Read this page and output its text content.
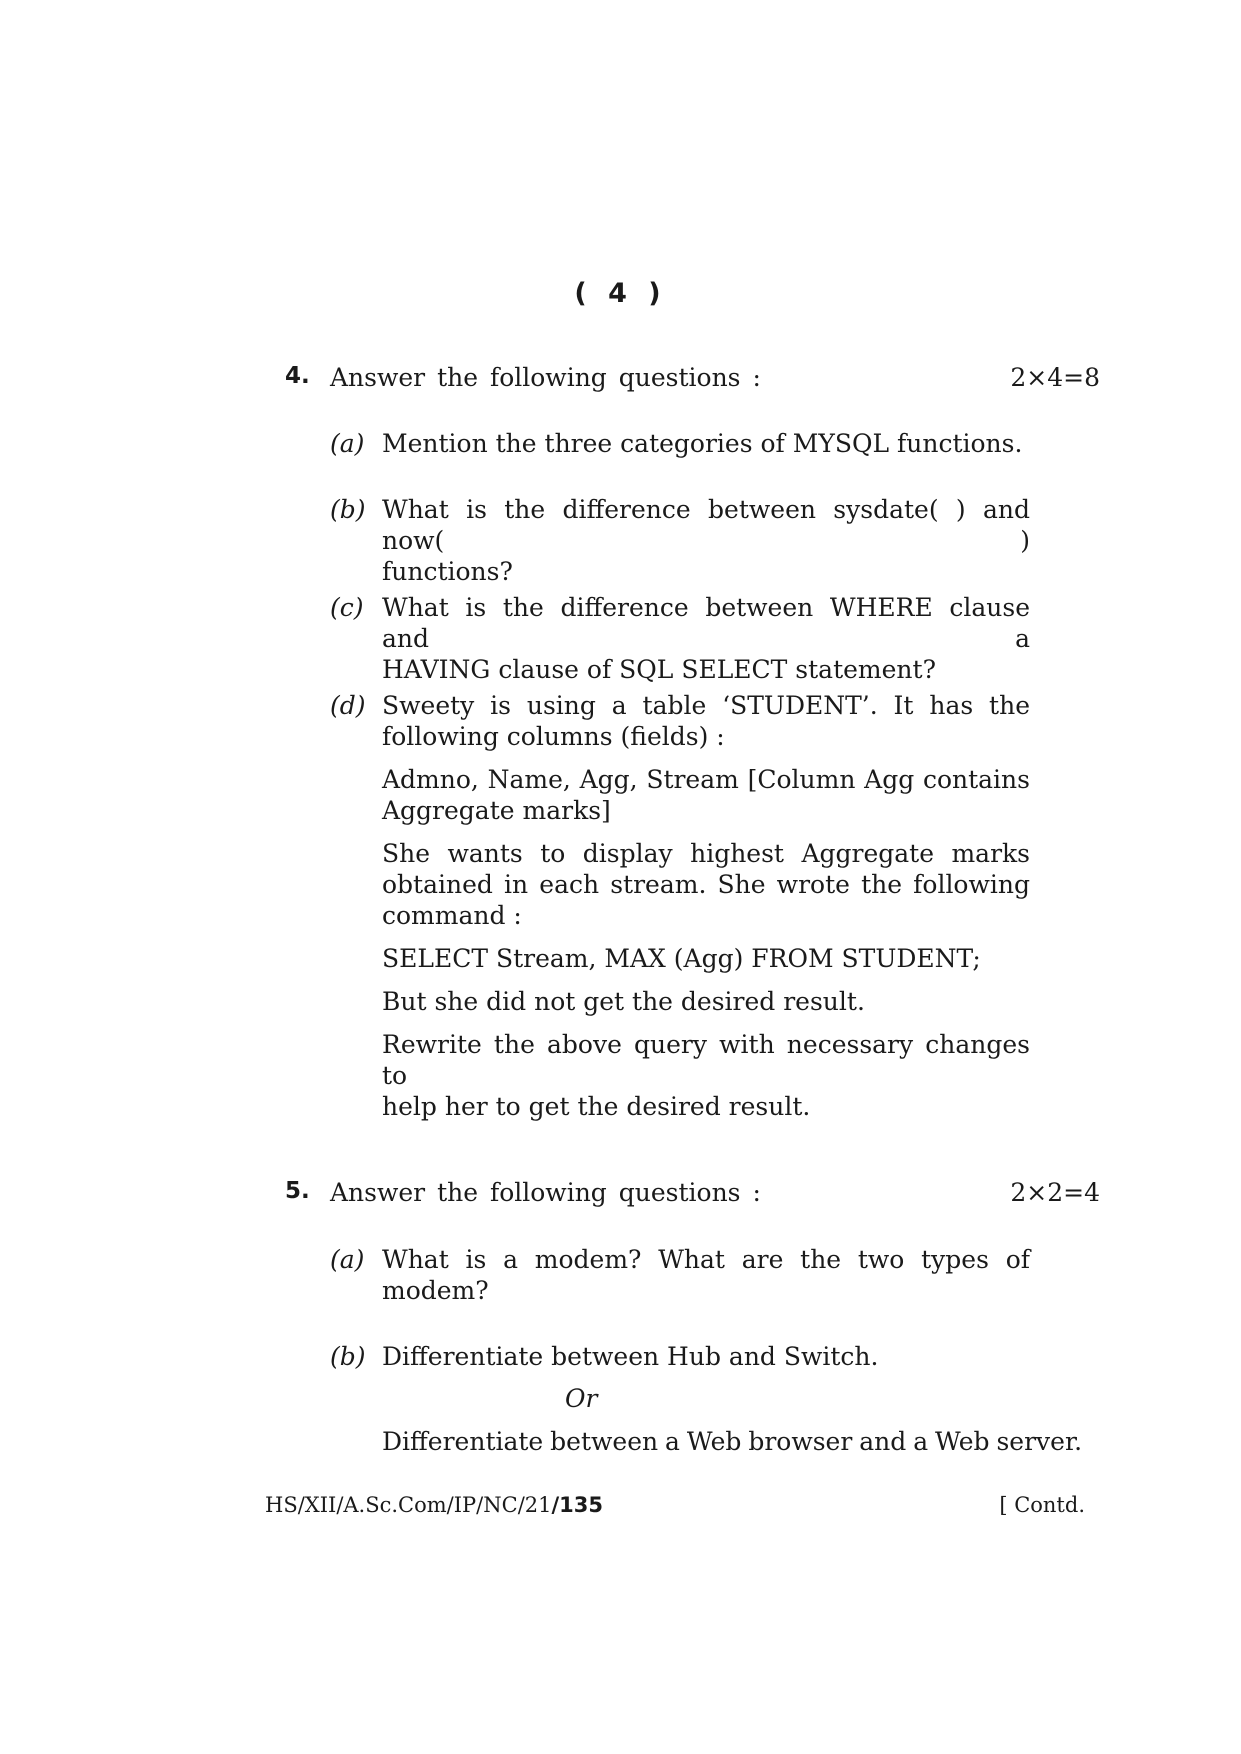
( 4 )
4. Answer the following questions :	2×4=8
(a) Mention the three categories of MYSQL functions.

(b) What is the difference between sysdate( ) and now( )

functions?

(c) What is the difference between WHERE clause and a

HAVING clause of SQL SELECT statement?

(d) Sweety is using a table ‘STUDENT’. It has the

following columns (fields) :

Admno, Name, Agg, Stream [Column Agg contains

Aggregate marks]

She wants to display highest Aggregate marks

obtained in each stream. She wrote the following

command :

SELECT Stream, MAX (Agg) FROM STUDENT;

But she did not get the desired result.

Rewrite the above query with necessary changes to

help her to get the desired result.

5. Answer the following questions :	2×2=4
(a) What is a modem? What are the two types of

modem?

(b) Differentiate between Hub and Switch.

Or
Differentiate between a Web browser and a Web server.
HS/XII/A.Sc.Com/IP/NC/21/135	[ Contd.
